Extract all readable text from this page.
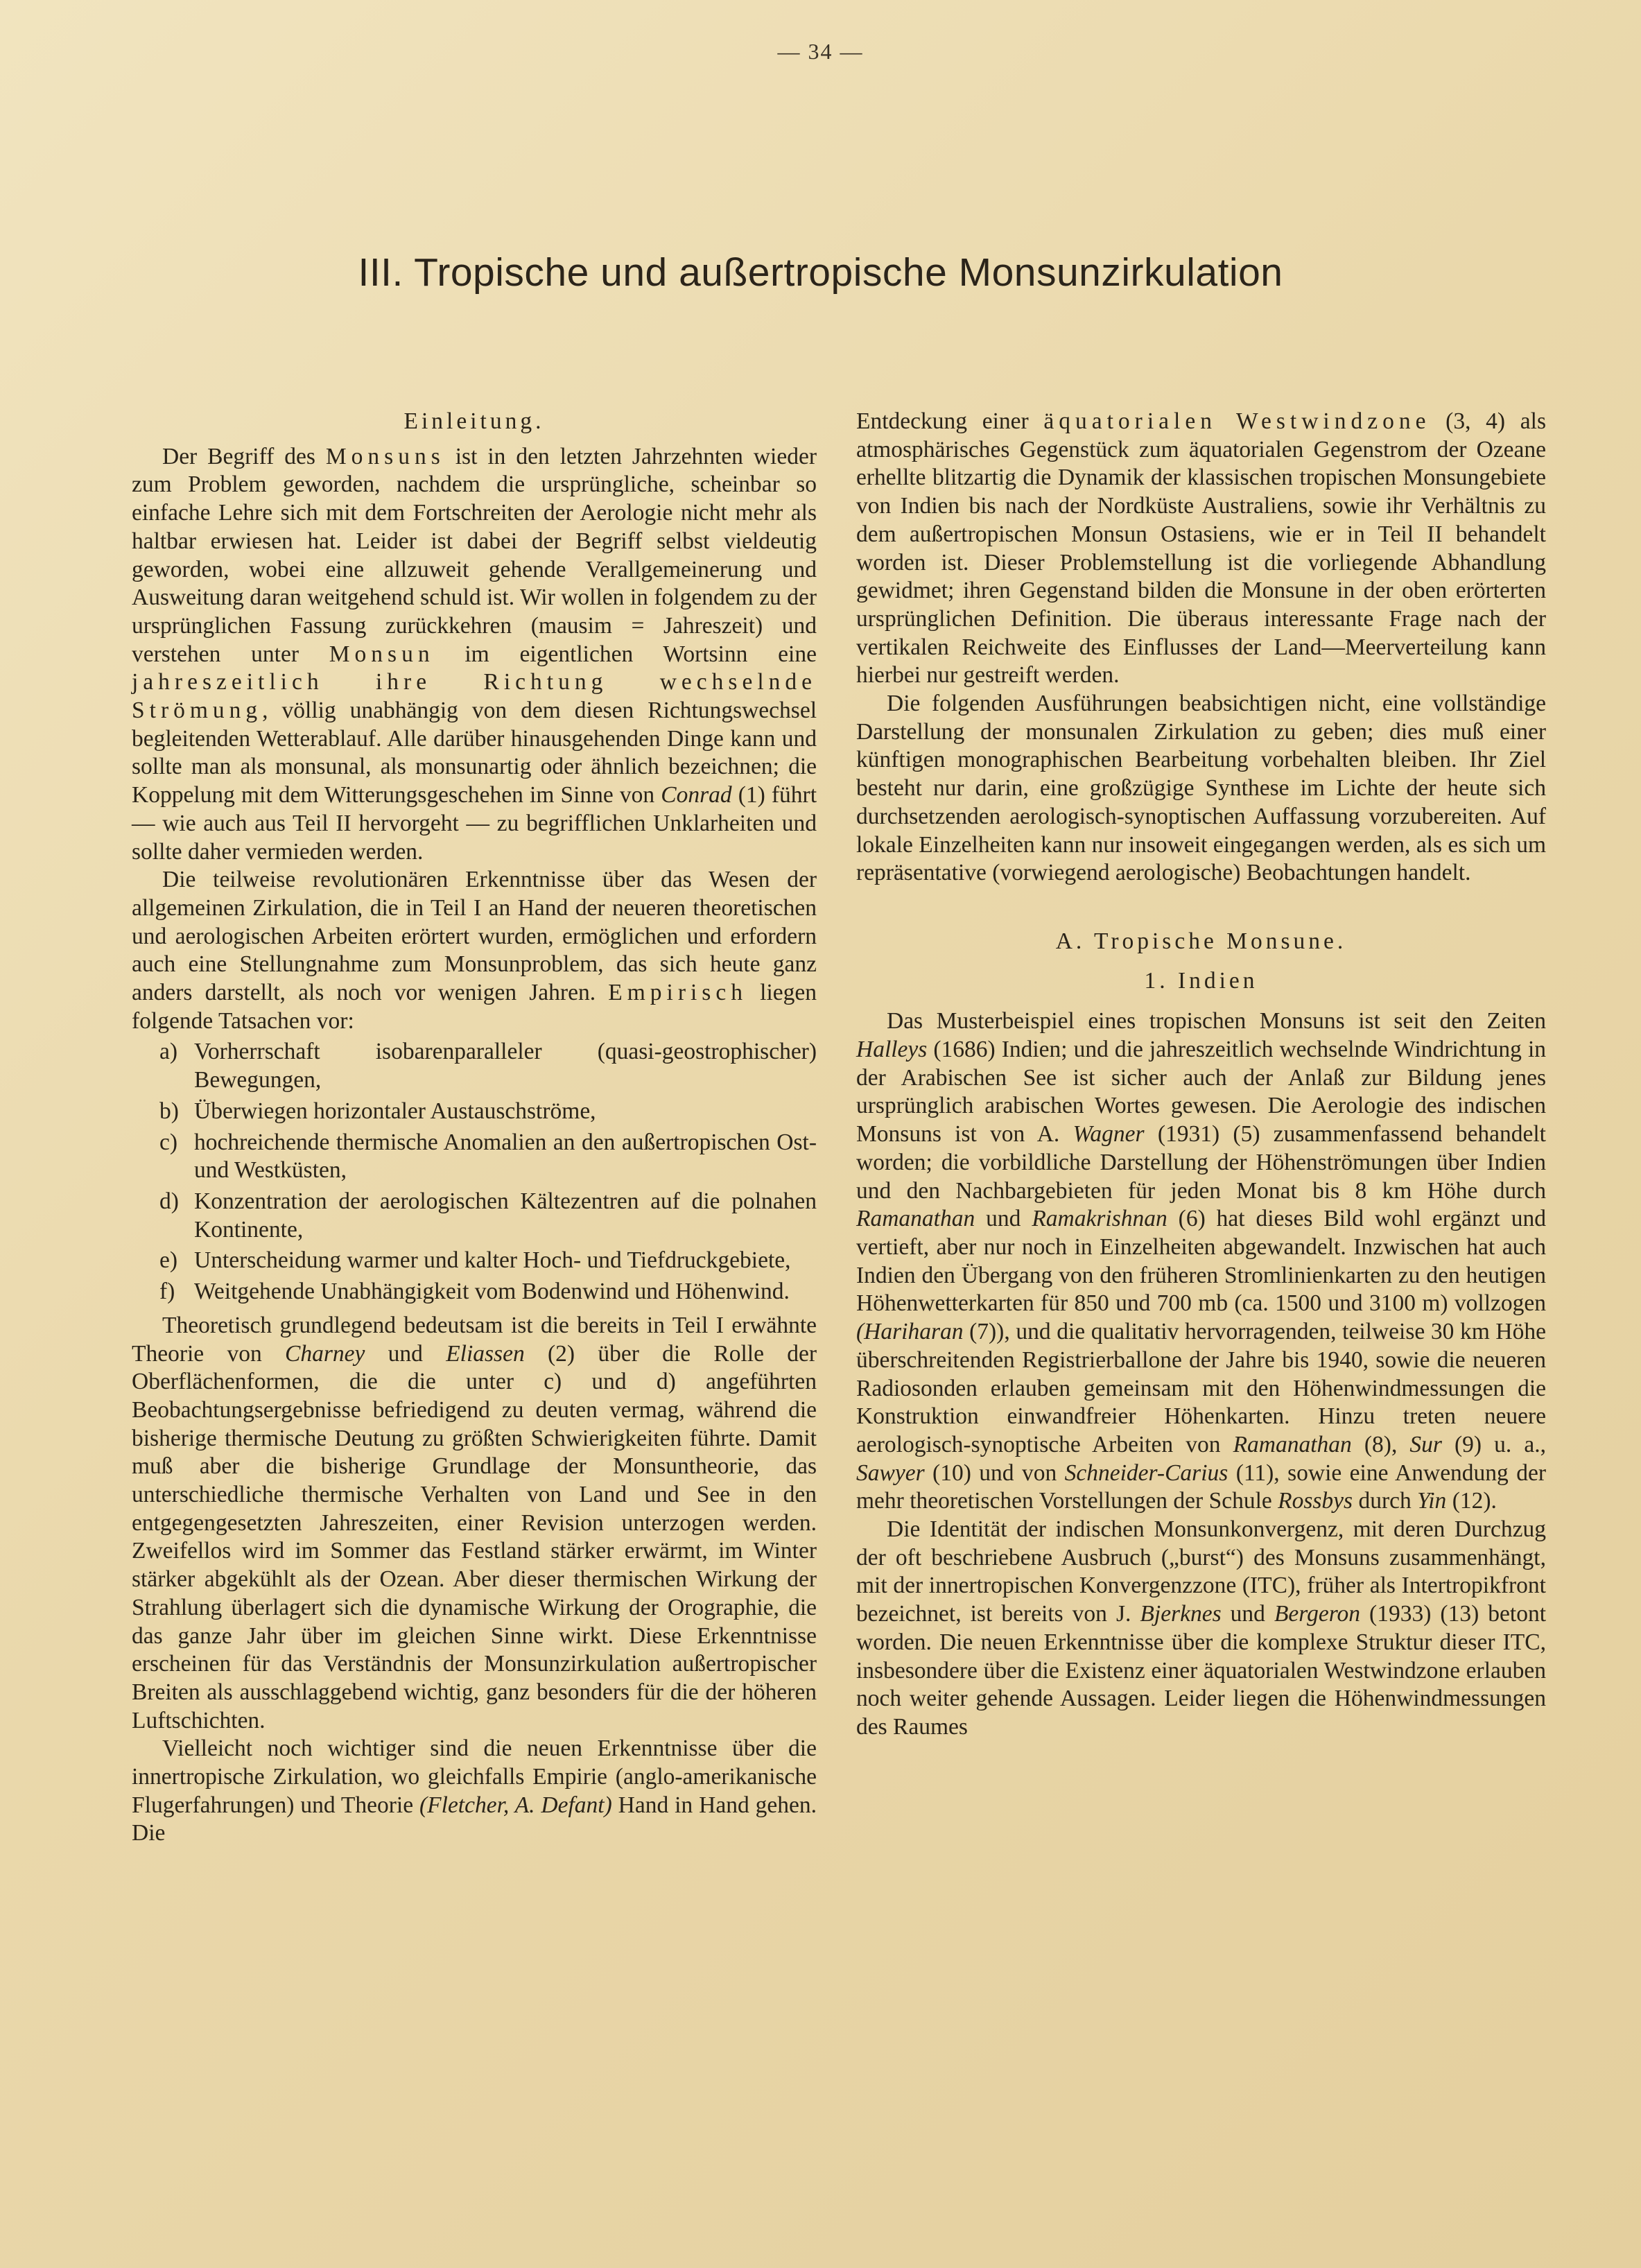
— 34 —
III. Tropische und außertropische Monsunzirkulation
Einleitung.

Der Begriff des Monsuns ist in den letzten Jahrzehnten wieder zum Problem geworden, nachdem die ursprüngliche, scheinbar so einfache Lehre sich mit dem Fortschreiten der Aerologie nicht mehr als haltbar erwiesen hat. Leider ist dabei der Begriff selbst vieldeutig geworden, wobei eine allzuweit gehende Verallgemeinerung und Ausweitung daran weitgehend schuld ist. Wir wollen in folgendem zu der ursprünglichen Fassung zurückkehren (mausim = Jahreszeit) und verstehen unter Monsun im eigentlichen Wortsinn eine jahreszeitlich ihre Richtung wechselnde Strömung, völlig unabhängig von dem diesen Richtungswechsel begleitenden Wetterablauf. Alle darüber hinausgehenden Dinge kann und sollte man als monsunal, als monsunartig oder ähnlich bezeichnen; die Koppelung mit dem Witterungsgeschehen im Sinne von Conrad (1) führt — wie auch aus Teil II hervorgeht — zu begrifflichen Unklarheiten und sollte daher vermieden werden.

Die teilweise revolutionären Erkenntnisse über das Wesen der allgemeinen Zirkulation, die in Teil I an Hand der neueren theoretischen und aerologischen Arbeiten erörtert wurden, ermöglichen und erfordern auch eine Stellungnahme zum Monsunproblem, das sich heute ganz anders darstellt, als noch vor wenigen Jahren. Empirisch liegen folgende Tatsachen vor:

a) Vorherrschaft isobarenparalleler (quasi-geostrophischer) Bewegungen,
b) Überwiegen horizontaler Austauschströme,
c) hochreichende thermische Anomalien an den außertropischen Ost- und Westküsten,
d) Konzentration der aerologischen Kältezentren auf die polnahen Kontinente,
e) Unterscheidung warmer und kalter Hoch- und Tiefdruckgebiete,
f) Weitgehende Unabhängigkeit vom Bodenwind und Höhenwind.

Theoretisch grundlegend bedeutsam ist die bereits in Teil I erwähnte Theorie von Charney und Eliassen (2) über die Rolle der Oberflächenformen, die die unter c) und d) angeführten Beobachtungsergebnisse befriedigend zu deuten vermag, während die bisherige thermische Deutung zu größten Schwierigkeiten führte. Damit muß aber die bisherige Grundlage der Monsuntheorie, das unterschiedliche thermische Verhalten von Land und See in den entgegengesetzten Jahreszeiten, einer Revision unterzogen werden. Zweifellos wird im Sommer das Festland stärker erwärmt, im Winter stärker abgekühlt als der Ozean. Aber dieser thermischen Wirkung der Strahlung überlagert sich die dynamische Wirkung der Orographie, die das ganze Jahr über im gleichen Sinne wirkt. Diese Erkenntnisse erscheinen für das Verständnis der Monsunzirkulation außertropischer Breiten als ausschlaggebend wichtig, ganz besonders für die der höheren Luftschichten.

Vielleicht noch wichtiger sind die neuen Erkenntnisse über die innertropische Zirkulation, wo gleichfalls Empirie (anglo-amerikanische Flugerfahrungen) und Theorie (Fletcher, A. Defant) Hand in Hand gehen. Die

Entdeckung einer äquatorialen Westwindzone (3, 4) als atmosphärisches Gegenstück zum äquatorialen Gegenstrom der Ozeane erhellte blitzartig die Dynamik der klassischen tropischen Monsungebiete von Indien bis nach der Nordküste Australiens, sowie ihr Verhältnis zu dem außertropischen Monsun Ostasiens, wie er in Teil II behandelt worden ist. Dieser Problemstellung ist die vorliegende Abhandlung gewidmet; ihren Gegenstand bilden die Monsune in der oben erörterten ursprünglichen Definition. Die überaus interessante Frage nach der vertikalen Reichweite des Einflusses der Land—Meerverteilung kann hierbei nur gestreift werden.

Die folgenden Ausführungen beabsichtigen nicht, eine vollständige Darstellung der monsunalen Zirkulation zu geben; dies muß einer künftigen monographischen Bearbeitung vorbehalten bleiben. Ihr Ziel besteht nur darin, eine großzügige Synthese im Lichte der heute sich durchsetzenden aerologisch-synoptischen Auffassung vorzubereiten. Auf lokale Einzelheiten kann nur insoweit eingegangen werden, als es sich um repräsentative (vorwiegend aerologische) Beobachtungen handelt.

A. Tropische Monsune.
1. Indien

Das Musterbeispiel eines tropischen Monsuns ist seit den Zeiten Halleys (1686) Indien; und die jahreszeitlich wechselnde Windrichtung in der Arabischen See ist sicher auch der Anlaß zur Bildung jenes ursprünglich arabischen Wortes gewesen. Die Aerologie des indischen Monsuns ist von A. Wagner (1931) (5) zusammenfassend behandelt worden; die vorbildliche Darstellung der Höhenströmungen über Indien und den Nachbargebieten für jeden Monat bis 8 km Höhe durch Ramanathan und Ramakrishnan (6) hat dieses Bild wohl ergänzt und vertieft, aber nur noch in Einzelheiten abgewandelt. Inzwischen hat auch Indien den Übergang von den früheren Stromlinienkarten zu den heutigen Höhenwetterkarten für 850 und 700 mb (ca. 1500 und 3100 m) vollzogen (Hariharan (7)), und die qualitativ hervorragenden, teilweise 30 km Höhe überschreitenden Registrierballone der Jahre bis 1940, sowie die neueren Radiosonden erlauben gemeinsam mit den Höhenwindmessungen die Konstruktion einwandfreier Höhenkarten. Hinzu treten neuere aerologisch-synoptische Arbeiten von Ramanathan (8), Sur (9) u. a., Sawyer (10) und von Schneider-Carius (11), sowie eine Anwendung der mehr theoretischen Vorstellungen der Schule Rossbys durch Yin (12).

Die Identität der indischen Monsunkonvergenz, mit deren Durchzug der oft beschriebene Ausbruch („burst“) des Monsuns zusammenhängt, mit der innertropischen Konvergenzzone (ITC), früher als Intertropikfront bezeichnet, ist bereits von J. Bjerknes und Bergeron (1933) (13) betont worden. Die neuen Erkenntnisse über die komplexe Struktur dieser ITC, insbesondere über die Existenz einer äquatorialen Westwindzone erlauben noch weiter gehende Aussagen. Leider liegen die Höhenwindmessungen des Raumes
